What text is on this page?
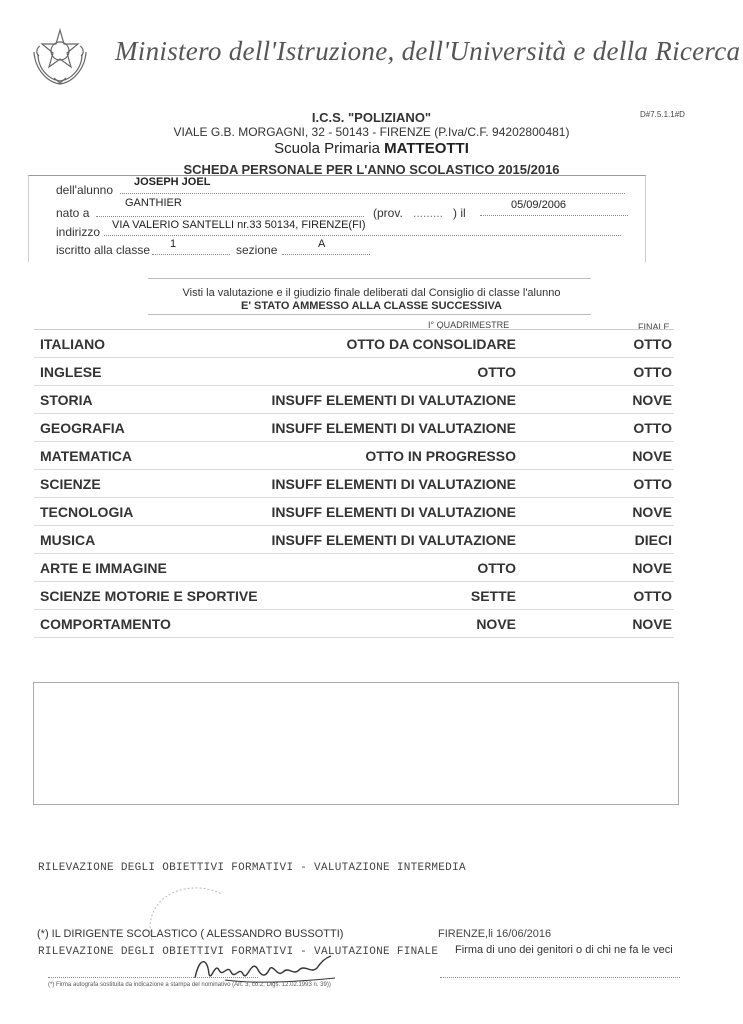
Ministero dell'Istruzione, dell'Università e della Ricerca
D#7.5.1.1#D
I.C.S. "POLIZIANO"
VIALE G.B. MORGAGNI, 32 - 50143 - FIRENZE (P.Iva/C.F. 94202800481)
Scuola Primaria MATTEOTTI
SCHEDA PERSONALE PER L'ANNO SCOLASTICO 2015/2016
dell'alunno
JOSEPH JOEL
nato a
GANTHIER
(prov. ......... ) il
05/09/2006
indirizzo VIA VALERIO SANTELLI nr.33 50134, FIRENZE(FI)
iscritto alla classe 1	sezione	A
Visti la valutazione e il giudizio finale deliberati dal Consiglio di classe l'alunno
E' STATO AMMESSO ALLA CLASSE SUCCESSIVA
I° QUADRIMESTRE	FINALE
ITALIANO	OTTO DA CONSOLIDARE	OTTO
INGLESE	OTTO	OTTO
STORIA	INSUFF ELEMENTI DI VALUTAZIONE	NOVE
GEOGRAFIA	INSUFF ELEMENTI DI VALUTAZIONE	OTTO
MATEMATICA	OTTO IN PROGRESSO	NOVE
SCIENZE	INSUFF ELEMENTI DI VALUTAZIONE	OTTO
TECNOLOGIA	INSUFF ELEMENTI DI VALUTAZIONE	NOVE
MUSICA	INSUFF ELEMENTI DI VALUTAZIONE	DIECI
ARTE E IMMAGINE	OTTO	NOVE
SCIENZE MOTORIE E SPORTIVE	SETTE	OTTO
COMPORTAMENTO	NOVE	NOVE
RILEVAZIONE DEGLI OBIETTIVI FORMATIVI - VALUTAZIONE INTERMEDIA
(*) IL DIRIGENTE SCOLASTICO ( ALESSANDRO BUSSOTTI)	FIRENZE,li 16/06/2016
RILEVAZIONE DEGLI OBIETTIVI FORMATIVI - VALUTAZIONE FINALE Firma di uno dei genitori o di chi ne fa le veci
(*) Firma autografa sostituita da indicazione a stampa del nominativo (Art. 3, co.2, Dlgs. 12.02.1993 n. 39))
